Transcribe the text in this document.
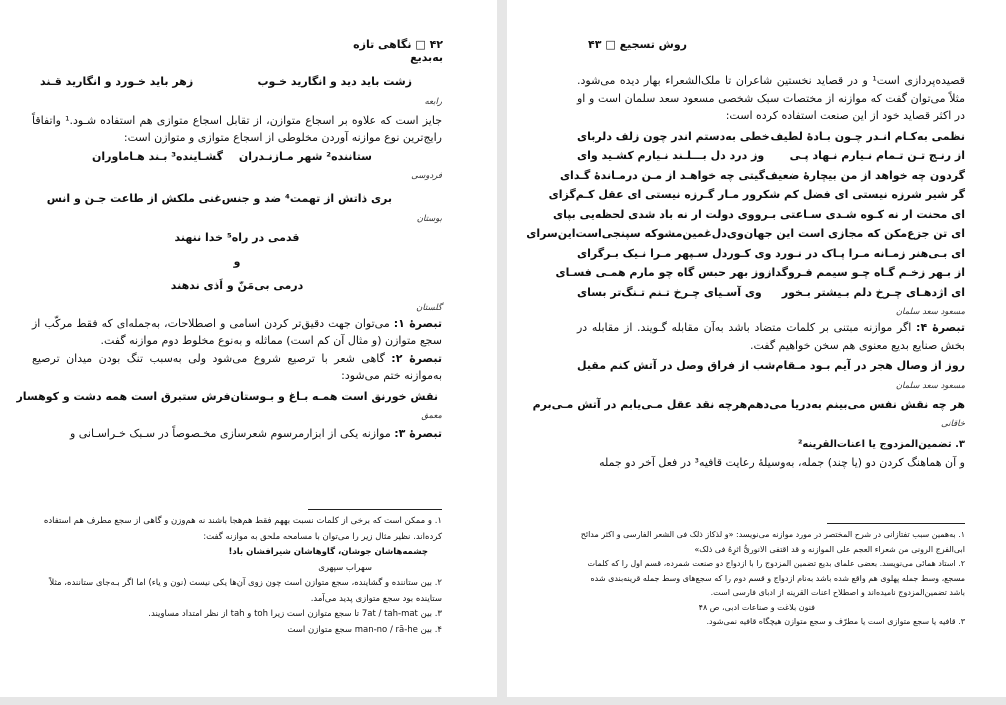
۴۲ □ نگاهی تازه به‌بدیع
زشت باید دید و انگارید خـوب
زهر باید خـورد و انگارید قـند
رابعه
جایز است که علاوه بر اسجاع متوازن، از تقابل اسجاع متوازی هم استفاده شـود.¹ واتفاقاً رایج‌ترین نوع موازنه آوردن مخلوطی از اسجاع متوازی و متوازن است:
ستاننده² شهر مـازنـدران
گشـاینده³ بـند هـاماوران
فردوسی
بری ذاتش از تهمت⁴ ضد و جنس
غنی ملکش از طاعت جـن و انس
بوستان
قدمی در راه⁵ خدا ننهند
و
درمی بی‌مَنّ و اَذی ندهند
گلستان
تبصرهٔ ۱: می‌توان جهت دقیق‌تر کردن اسامی و اصطلاحات، به‌جمله‌ای که فقط مرکّب از سجع متوازن (و مثال آن کم است) مماثله و به‌نوع مخلوط دوم موازنه گفت.
تبصرهٔ ۲: گاهی شعر با ترصیع شروع می‌شود ولی به‌سبب تنگ بودن میدان ترصیع به‌موازنه ختم می‌شود:
نقش خورنق است همـه بـاغ و بـوستان
فرش ستبرق است همه دشت و کوهسار
معمق
تبصرهٔ ۳: موازنه یکی از ابزارمرسوم شعرسازی مخـصوصاً در سـبک خـراسـانی و
۱. و ممکن است که برخی از کلمات نسبت بههم فقط هم‌هجا باشند نه هم‌وزن و گاهی از سجع مطرف هم استفاده کرده‌اند. نظیر مثال زیر را می‌توان با مسامحه ملحق به موازنه گفت:
چشمه‌هاشان جوشان، گاوهاشان شیرافشان باد!
سهراب سپهری
۲. بین ستاننده و گشاینده، سجع متوازن است چون زوی آن‌ها یکی نیست (نون و یاء) اما اگر بـه‌جای ستاننده، مثلاً ستاینده بود سجع متوازی پدید می‌آمد.
۳. بین 7at / tah-mat تا سجع متوازن است زیرا toh و tah از نظر امتداد مساویند.
۴. بین man-no / rā-he سجع متوازن است
روش تسجیع □ ۴۳
قصیده‌پردازی است¹ و در قصاید نخستین شاعران تا ملک‌الشعراء بهار دیده می‌شود. مثلاً می‌توان گفت که موازنه از مختصات سبک شخصی مسعود سعد سلمان است و او در اکثر قصاید خود از این صنعت استفاده کرده است:
نظمی به‌کـام انـدر چـون بـادهٔ لطیف
خطی به‌دستم اندر چون زلف دلربای
از رنـج تـن تـمام نـیارم نـهاد پـی
وز درد دل بـــلـند نـیارم کشـید وای
گردون چه خواهد از من بیچارهٔ ضعیف
گیتی چه خواهـد از مـن درمـاندهٔ گـدای
گر شیر شرزه نیستی ای فضل کم شکر
ور مـار گـرزه نیستی ای عقل کـم‌گزای
ای محنت ار نه کـوه شـدی سـاعتی بـرو
وی دولت ار نه باد شدی لحظه‌یی بپای
ای تن جزع‌مکن که مجازی است این جهان
وی‌دل‌غمین‌مشوکه سپنجی‌است‌این‌سرای
ای بـی‌هنر زمـانه مـرا پـاک در نـورد
وی کـوردل سـپهر مـرا نـیک بـرگرای
از بـهر زخـم گـاه چـو سیمم فـروگداز
وز بهر حبس گاه چو مارم همـی فسـای
ای اژدهـای چـرخ دلم بـیشتر بـخور
وی آسـیای چـرخ تـنم تـنگ‌تر بسای
مسعود سعد سلمان
تبصرهٔ ۴: اگر موازنه مبتنی بر کلمات متضاد باشد به‌آن مقابله گـویند. از مقابله در بخش صنایع بدیع معنوی هم سخن خواهیم گفت.
روز از وصال هجر در آیم بـود مـقام
شب از فراق وصل در آتش کنم مقیل
مسعود سعد سلمان
هر چه نقش نفس می‌بینم به‌دریا می‌دهم
هرچه نقد عقل مـی‌یابم در آتش مـی‌برم
خاقانی
۳. تضمین‌المزدوج یا اعنات‌القرینه²
و آن هماهنگ کردن دو (یا چند) جمله، به‌وسیلهٔ رعایت قافیه³ در فعل آخر دو جمله
۱. به‌همین سبب تفتازانی در شرح المختصر در مورد موازنه می‌نویسد: «و لذکاز ذلک فی الشعر الفارسی و اکثر مدائح ابی‌الفرج الرونی من شعراء العجم علی الموازنه و قد اقتفی الانوریُّ اثرِهُ فی ذلک»
۲. استاد همائی می‌نویسد. بعضی علمای بدیع تضمین المزدوج را با ازدواج دو صنعت شمرده، قسم اول را که کلمات مسجع، وسط جمله پهلوی هم واقع شده باشد به‌نام ازدواج و قسم دوم را که سجع‌های وسط جمله قرینه‌بندی شده باشد تضمین‌المزدوج نامیده‌اند و اصطلاح اعنات القرینه از ادبای فارسی است.
فنون بلاغت و صناعات ادبی، ص ۴۸
۳. قافیه یا سجع متوازی است یا مطرّف و سجع متوازن هیچگاه قافیه نمی‌شود.
